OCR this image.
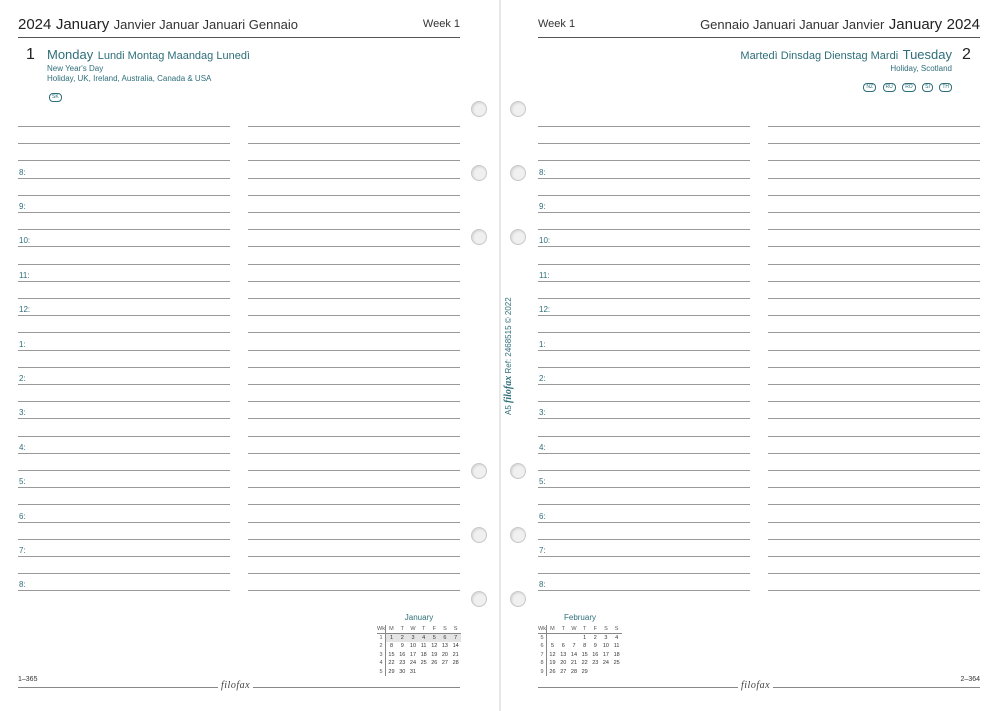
2024 January Janvier Januar Januari Gennaio	Week 1
1 Monday Lundi Montag Maandag Lunedì
New Year's Day
Holiday, UK, Ireland, Australia, Canada & USA
SK
8:
9:
10:
11:
12:
1:
2:
3:
4:
5:
6:
7:
8:
January
Wk	M	T	W	T	F	S	S
1	1	2	3	4	5	6	7
2	8	9	10	11	12	13	14
3	15	16	17	18	19	20	21
4	22	23	24	25	26	27	28
5	29	30	31				
1–365
filofax
Week 1	Gennaio Januari Januar Janvier January 2024
Martedì Dinsdag Dienstag Mardi Tuesday
Holiday, Scotland
NZ RU RO SI TH
2
8:
9:
10:
11:
12:
1:
2:
3:
4:
5:
6:
7:
8:
February
Wk	M	T	W	T	F	S	S
5				1	2	3	4
6	5	6	7	8	9	10	11
7	12	13	14	15	16	17	18
8	19	20	21	22	23	24	25
9	26	27	28	29			
2–364
filofax
A5 filofax Ref: 2468515 © 2022
